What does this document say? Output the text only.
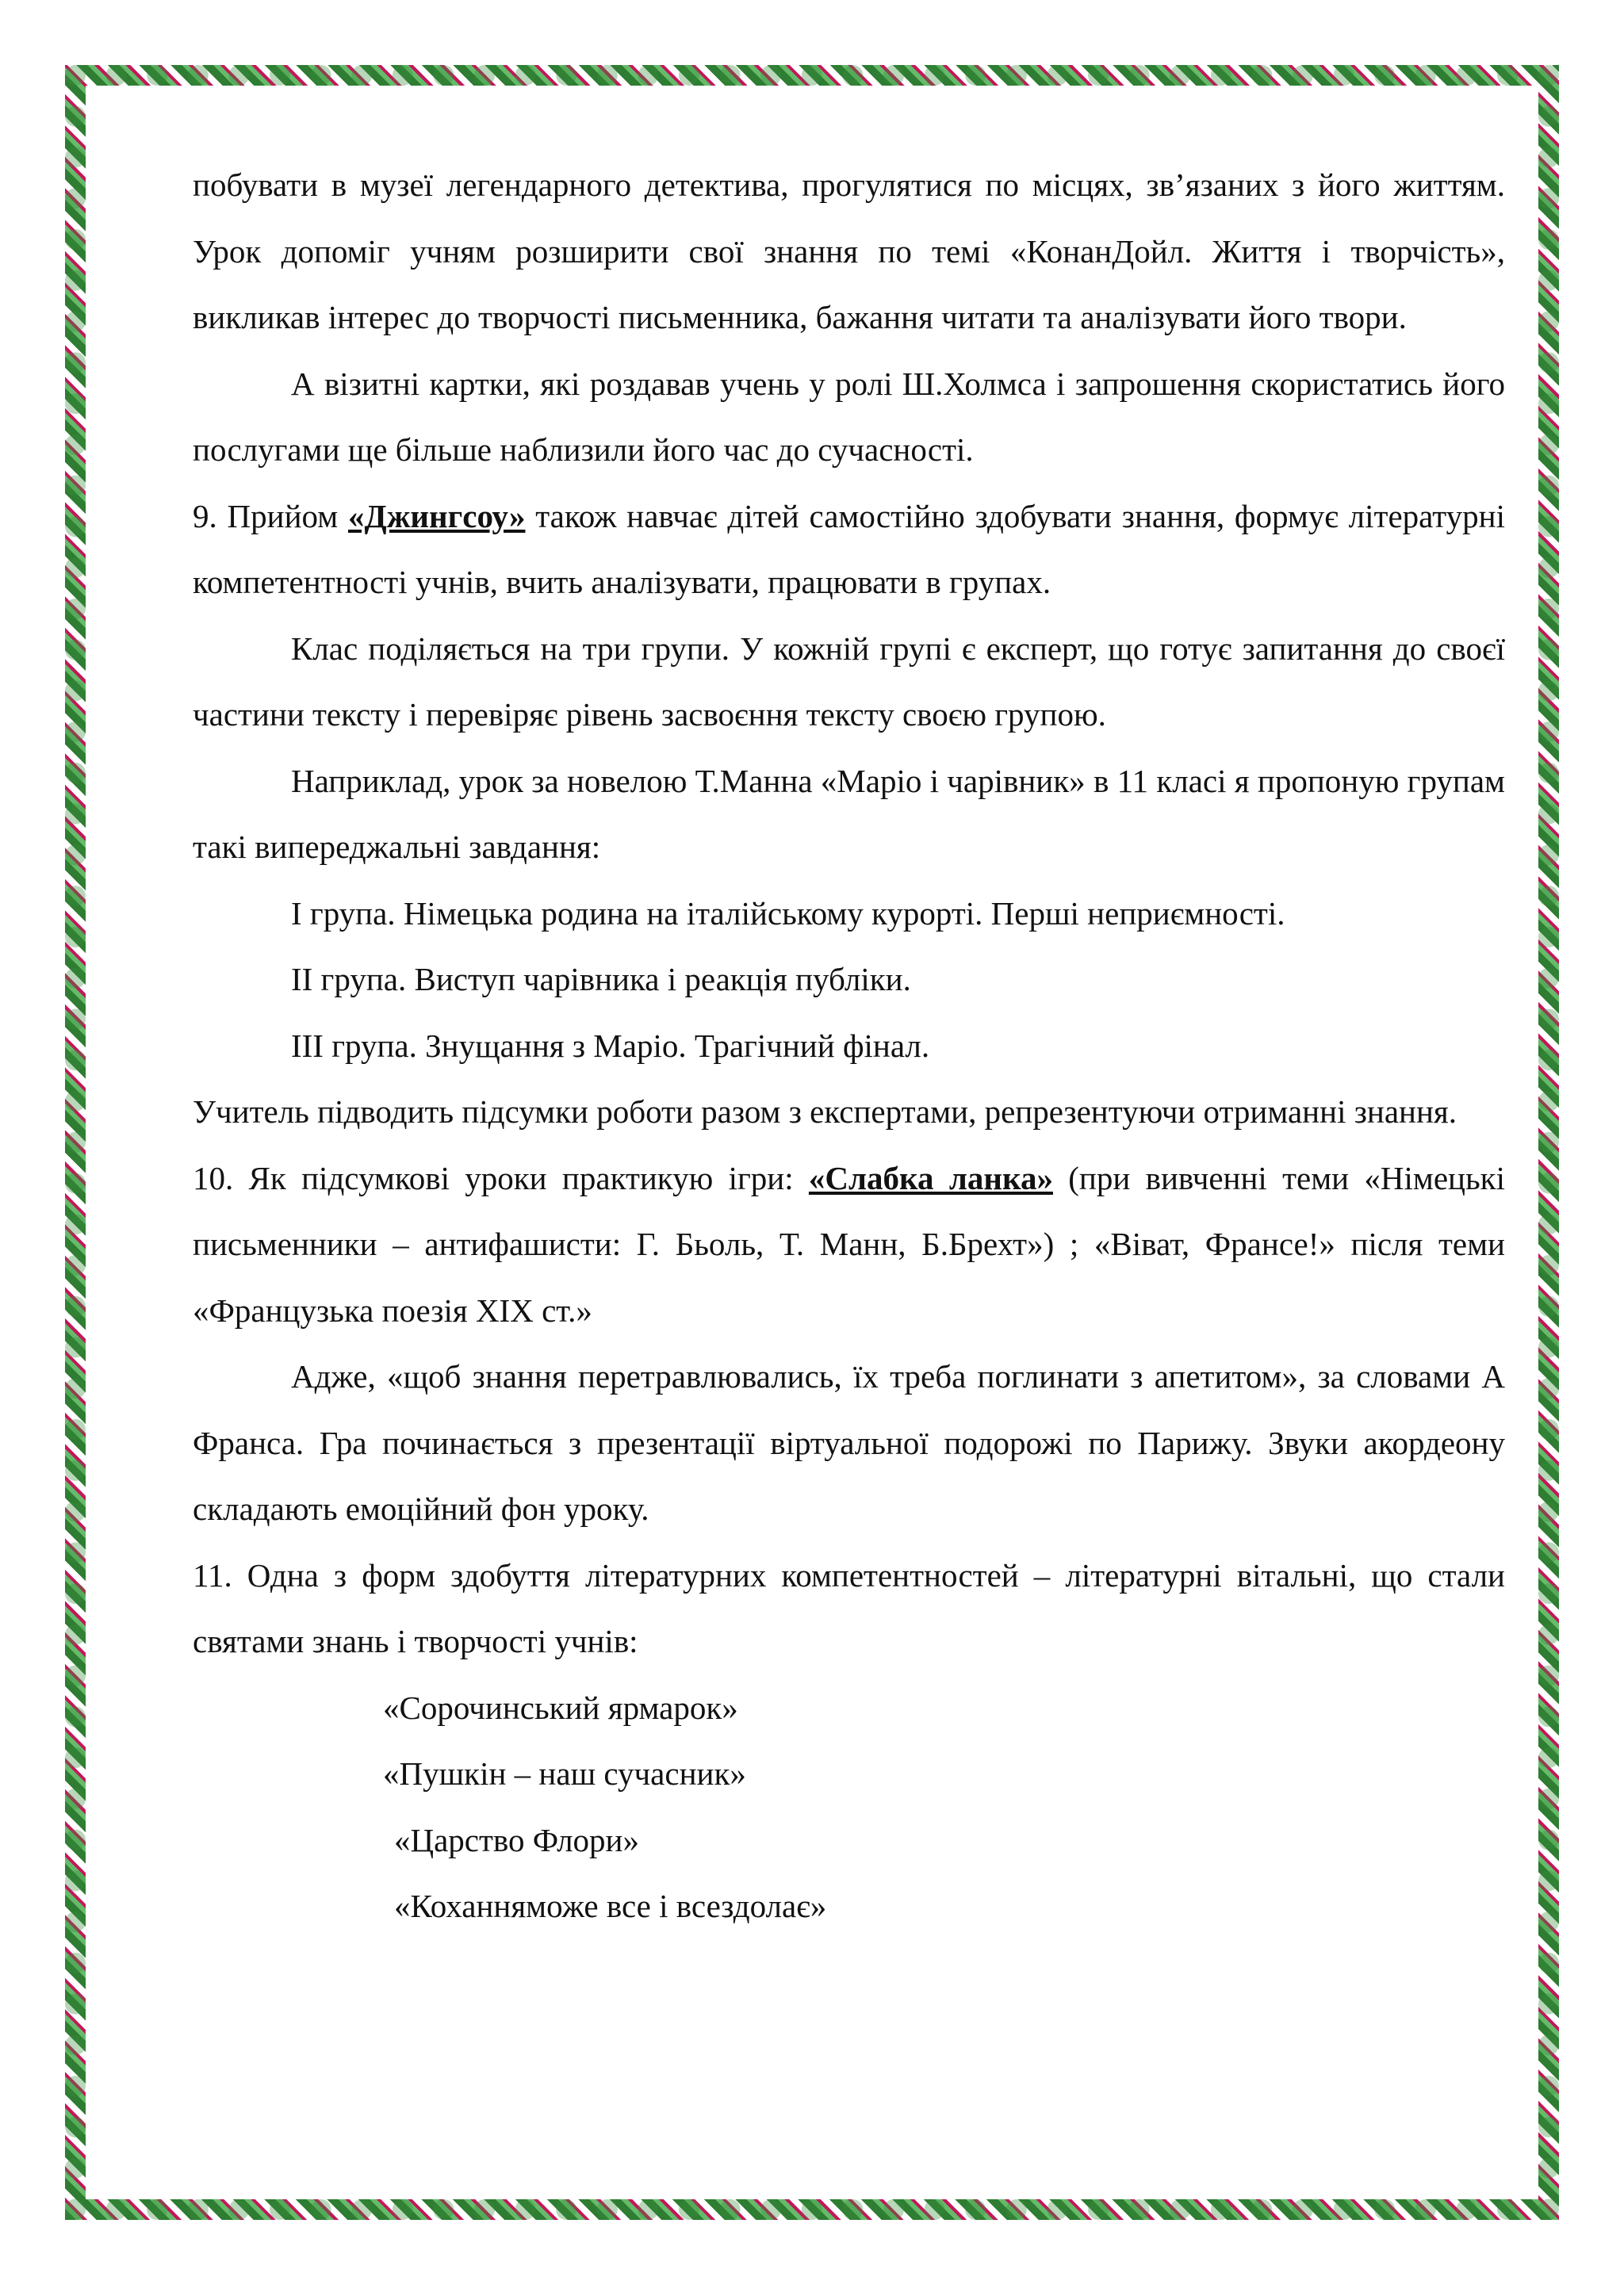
побувати в музеї легендарного детектива, прогулятися по місцях, зв’язаних з його життям. Урок допоміг учням розширити свої знання по темі «КонанДойл. Життя і творчість», викликав інтерес до творчості письменника, бажання читати та аналізувати його твори.

А візитні картки, які роздавав учень у ролі Ш.Холмса і запрошення скористатись його послугами ще більше наблизили його час до сучасності.

9. Прийом «Джингсоу» також навчає дітей самостійно здобувати знання, формує літературні компетентності учнів, вчить аналізувати, працювати в групах.

Клас поділяється на три групи. У кожній групі є експерт, що готує запитання до своєї частини тексту і перевіряє рівень засвоєння тексту своєю групою.

Наприклад, урок за новелою Т.Манна «Маріо і чарівник» в 11 класі я пропоную групам такі випереджальні завдання:

І група. Німецька родина на італійському курорті. Перші неприємності.

ІІ група. Виступ чарівника і реакція публіки.

ІІІ група. Знущання з Маріо. Трагічний фінал.

Учитель підводить підсумки роботи разом з експертами, репрезентуючи отриманні знання.

10. Як підсумкові уроки практикую ігри: «Слабка ланка» (при вивченні теми «Німецькі письменники – антифашисти: Г. Бьоль, Т. Манн, Б.Брехт») ; «Віват, Франсе!» після теми «Французька поезія ХІХ ст.»

Адже, «щоб знання перетравлювались, їх треба поглинати з апетитом», за словами А Франса. Гра починається з презентації віртуальної подорожі по Парижу. Звуки акордеону складають емоційний фон уроку.

11. Одна з форм здобуття літературних компетентностей – літературні вітальні, що стали святами знань і творчості учнів:

«Сорочинський ярмарок»

«Пушкін – наш сучасник»

«Царство Флори»

«Коханняможе все і всездолає»
